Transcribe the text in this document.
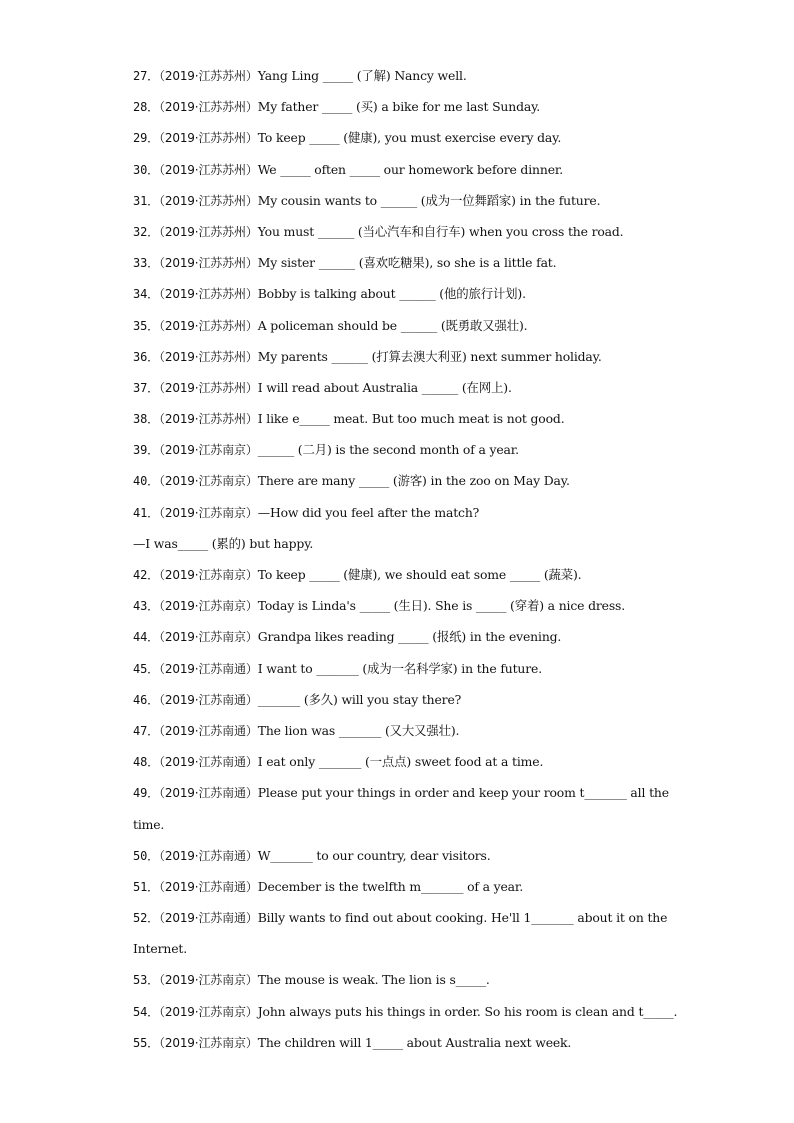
27．（2019·江苏苏州）Yang Ling _____ (了解) Nancy well.
28．（2019·江苏苏州）My father _____ (买) a bike for me last Sunday.
29．（2019·江苏苏州）To keep _____ (健康), you must exercise every day.
30．（2019·江苏苏州）We _____ often _____ our homework before dinner.
31．（2019·江苏苏州）My cousin wants to ______ (成为一位舞蹈家) in the future.
32．（2019·江苏苏州）You must ______ (当心汽车和自行车) when you cross the road.
33．（2019·江苏苏州）My sister ______ (喜欢吃糖果), so she is a little fat.
34．（2019·江苏苏州）Bobby is talking about ______ (他的旅行计划).
35．（2019·江苏苏州）A policeman should be ______ (既勇敢又强壮).
36．（2019·江苏苏州）My parents ______ (打算去澳大利亚) next summer holiday.
37．（2019·江苏苏州）I will read about Australia ______ (在网上).
38．（2019·江苏苏州）I like e_____ meat. But too much meat is not good.
39．（2019·江苏南京）______ (二月) is the second month of a year.
40．（2019·江苏南京）There are many _____ (游客) in the zoo on May Day.
41．（2019·江苏南京）—How did you feel after the match?
—I was_____ (累的) but happy.
42．（2019·江苏南京）To keep _____ (健康), we should eat some _____ (蔬菜).
43．（2019·江苏南京）Today is Linda's _____ (生日). She is _____ (穿着) a nice dress.
44．（2019·江苏南京）Grandpa likes reading _____ (报纸) in the evening.
45．（2019·江苏南通）I want to _______ (成为一名科学家) in the future.
46．（2019·江苏南通）_______ (多久) will you stay there?
47．（2019·江苏南通）The lion was _______ (又大又强壮).
48．（2019·江苏南通）I eat only _______ (一点点) sweet food at a time.
49．（2019·江苏南通）Please put your things in order and keep your room t_______ all the
time.
50．（2019·江苏南通）W_______ to our country, dear visitors.
51．（2019·江苏南通）December is the twelfth m_______ of a year.
52．（2019·江苏南通）Billy wants to find out about cooking. He'll 1_______ about it on the
Internet.
53．（2019·江苏南京）The mouse is weak. The lion is s_____.
54．（2019·江苏南京）John always puts his things in order. So his room is clean and t_____.
55．（2019·江苏南京）The children will 1_____ about Australia next week.
